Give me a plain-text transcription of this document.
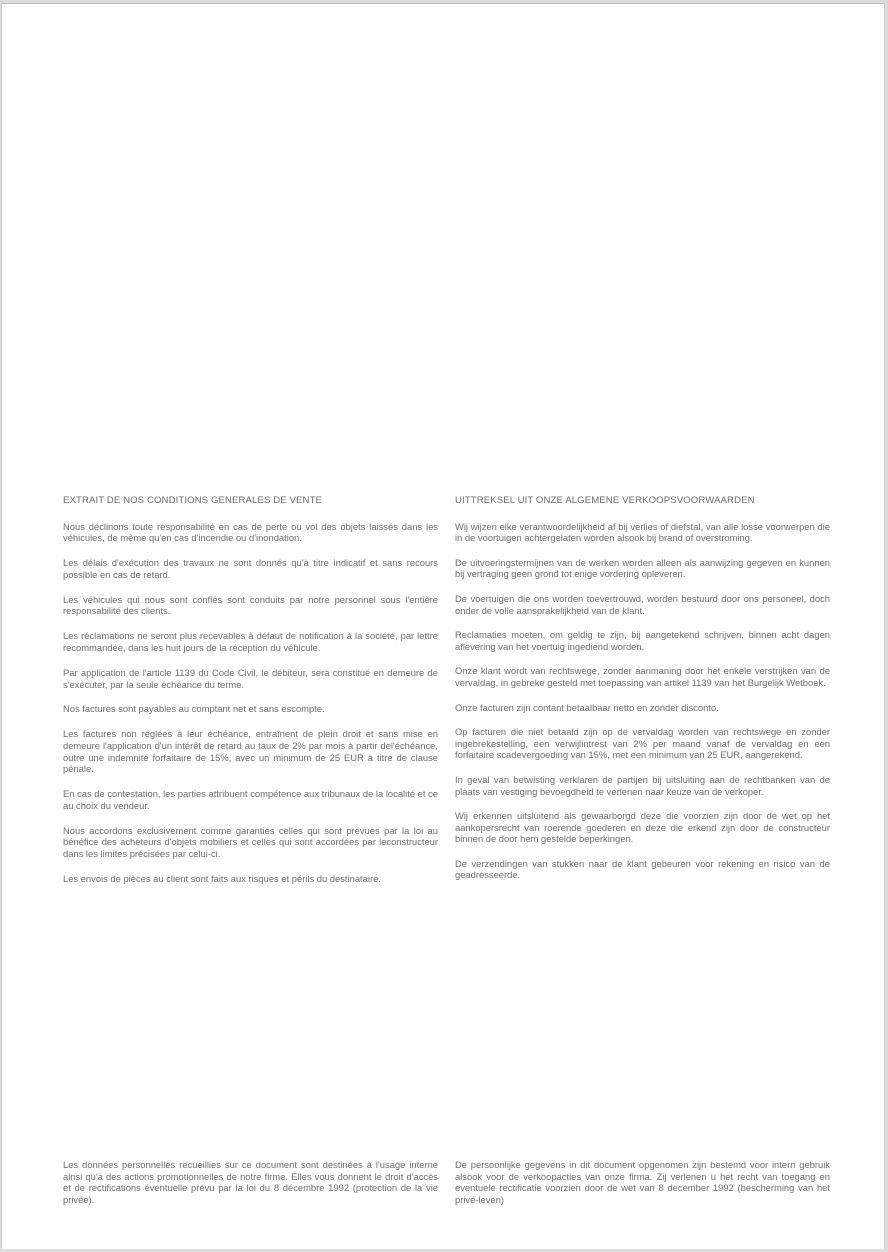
EXTRAIT DE NOS CONDITIONS GENERALES DE VENTE

Nous déclinons toute responsabilité en cas de perte ou vol des objets laissés dans les véhicules, de même qu'en cas d'incendie ou d'inondation.

Les délais d'exécution des travaux ne sont donnés qu'à titre indicatif et sans recours possible en cas de retard.

Les véhicules qui nous sont confiés sont conduits par notre personnel sous l'entière responsabilité des clients.

Les réclamations ne seront plus recevables à défaut de notification à la société, par lettre recommandée, dans les huit jours de la réception du véhicule.

Par application de l'article 1139 du Code Civil, le débiteur, sera constitué en demeure de s'exécuter, par la seule échéance du terme.

Nos factures sont payables au comptant net et sans escompte.

Les factures non réglées à leur échéance, entraînent de plein droit et sans mise en demeure l'application d'un intérêt de retard au taux de 2% par mois à partir del'échéance, outre une indemnité forfaitaire de 15%, avec un minimum de 25 EUR à titre de clause pénale.

En cas de contestation, les parties attribuent compétence aux tribunaux de la localité et ce au choix du vendeur.

Nous accordons exclusivement comme garanties celles qui sont prévues par la loi au bénéfice des acheteurs d'objets mobiliers et celles qui sont accordées par leconstructeur dans les limites précisées par celui-ci.

Les envois de pièces au client sont faits aux risques et périls du destinataire.

UITTREKSEL UIT ONZE ALGEMENE VERKOOPSVOORWAARDEN

Wij wijzen elke verantwoordelijkheid af bij verlies of diefstal, van alle losse voorwerpen die in de voortuigen achtergelaten worden alsook bij brand of overstroming.

De uitvoeringstermijnen van de werken worden alleen als aanwijzing gegeven en kunnen bij vertraging geen grond tot enige vordering opleveren.

De voertuigen die ons worden toevertrouwd, worden bestuurd door ons personeel, doch onder de volle aansprakelijkheid van de klant.

Reclamaties moeten, om geldig te zijn, bij aangetekend schrijven, binnen acht dagen aflevering van het voertuig ingediend worden.

Onze klant wordt van rechtswege, zonder aanmaning door het enkele verstrijken van de vervaldag, in gebreke gesteld met toepassing van artikel 1139 van het Burgelijk Wetboek.

Onze facturen zijn contant betaalbaar netto en zonder disconto.

Op facturen die niet betaald zijn op de vervaldag worden van rechtswege en zonder ingebrekestelling, een verwijlintrest van 2% per maand vanaf de vervaldag en een forfaitaire scadevergoeding van 15%, met een minimum van 25 EUR, aangerekend.

In geval van betwisting verklaren de partijen bij uitsluiting aan de rechtbanken van de plaats van vestiging bevoegdheid te verlenen naar keuze van de verkoper.

Wij erkennen uitsluitend als gewaarborgd deze die voorzien zijn door de wet op het aankopersrecht van roerende goederen en deze die erkend zijn door de constructeur binnen de door hem gestelde beperkingen.

De verzendingen van stukken naar de klant gebeuren voor rekening en risico van de geadresseerde.

Les données personnelles recueillies sur ce document sont destinées à l'usage interne ainsi qu'à des actions promotionnelles de notre firme. Elles vous donnent le droit d'accès et de rectifications éventuelle prévu par la loi du 8 décembre 1992 (protection de la vie privée).

De persoonlijke gegevens in dit document opgenomen zijn bestemd voor intern gebruik alsook voor de verkoopacties van onze firma. Zij verlenen u het recht van toegang en eventuele rectificatie voorzien door de wet van 8 december 1992 (bescherming van het privé-leven)
